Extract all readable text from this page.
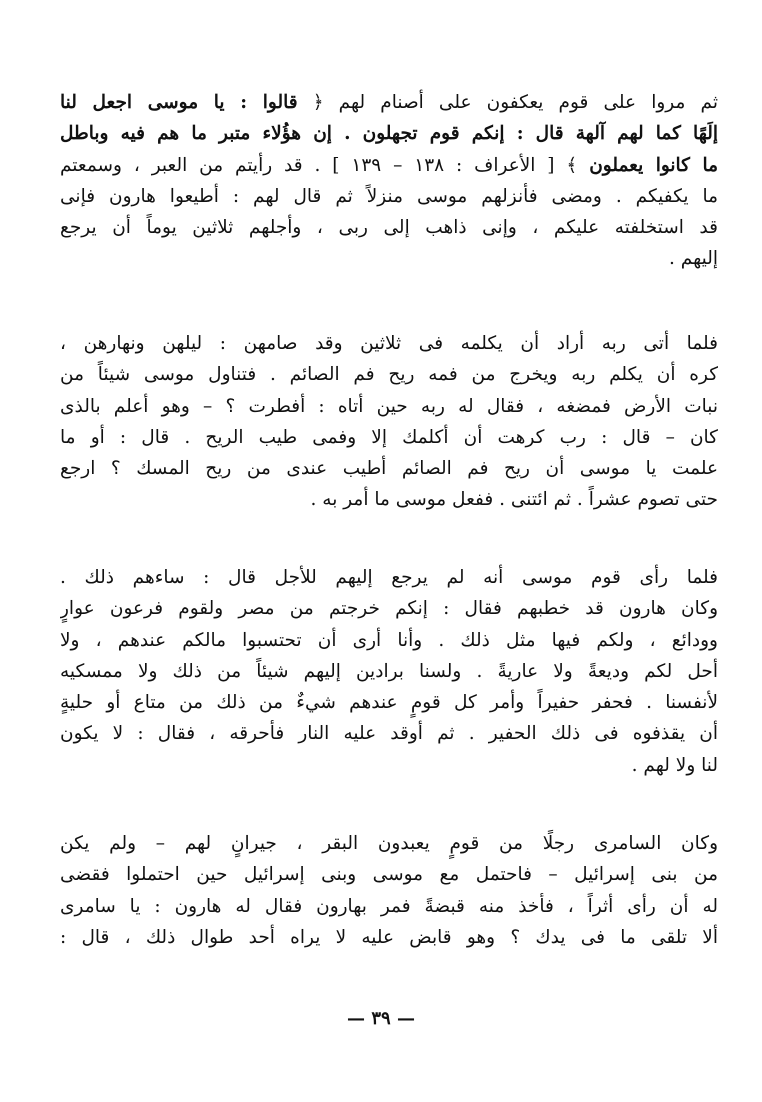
ثم مروا على قوم يعكفون على أصنام لهم ﴿ قالوا : يا موسى اجعل لنا
إلَهًا كما لهم آلهة قال : إنكم قوم تجهلون . إن هؤُلاء متبر ما هم فيه وباطل
ما كانوا يعملون ﴾ [ الأعراف : ١٣٨ – ١٣٩ ] . قد رأيتم من العبر ، وسمعتم
ما يكفيكم . ومضى فأنزلهم موسى منزلاً ثم قال لهم : أطيعوا هارون فإنى
قد استخلفته عليكم ، وإنى ذاهب إلى ربى ، وأجلهم ثلاثين يوماً أن يرجع
إليهم .
فلما أتى ربه أراد أن يكلمه فى ثلاثين وقد صامهن : ليلهن ونهارهن ،
كره أن يكلم ربه ويخرج من فمه ريح فم الصائم . فتناول موسى شيئاً من
نبات الأرض فمضغه ، فقال له ربه حين أتاه : أفطرت ؟ – وهو أعلم بالذى
كان – قال : رب كرهت أن أكلمك إلا وفمى طيب الريح . قال : أو ما
علمت يا موسى أن ريح فم الصائم أطيب عندى من ريح المسك ؟ ارجع
حتى تصوم عشراً . ثم ائتنى . ففعل موسى ما أمر به .
فلما رأى قوم موسى أنه لم يرجع إليهم للأجل قال : ساءهم ذلك .
وكان هارون قد خطبهم فقال : إنكم خرجتم من مصر ولقوم فرعون عوارٍ
وودائع ، ولكم فيها مثل ذلك . وأنا أرى أن تحتسبوا مالكم عندهم ، ولا
أحل لكم وديعةً ولا عاريةً . ولسنا برادين إليهم شيئاً من ذلك ولا ممسكيه
لأنفسنا . فحفر حفيراً وأمر كل قومٍ عندهم شيءٌ من ذلك من متاع أو حليةٍ
أن يقذفوه فى ذلك الحفير . ثم أوقد عليه النار فأحرقه ، فقال : لا يكون
لنا ولا لهم .
وكان السامرى رجلًا من قومٍ يعبدون البقر ، جيرانٍ لهم – ولم يكن
من بنى إسرائيل – فاحتمل مع موسى وبنى إسرائيل حين احتملوا فقضى
له أن رأى أثراً ، فأخذ منه قبضةً فمر بهارون فقال له هارون : يا سامرى
ألا تلقى ما فى يدك ؟ وهو قابض عليه لا يراه أحد طوال ذلك ، قال :
— ٣٩ —
